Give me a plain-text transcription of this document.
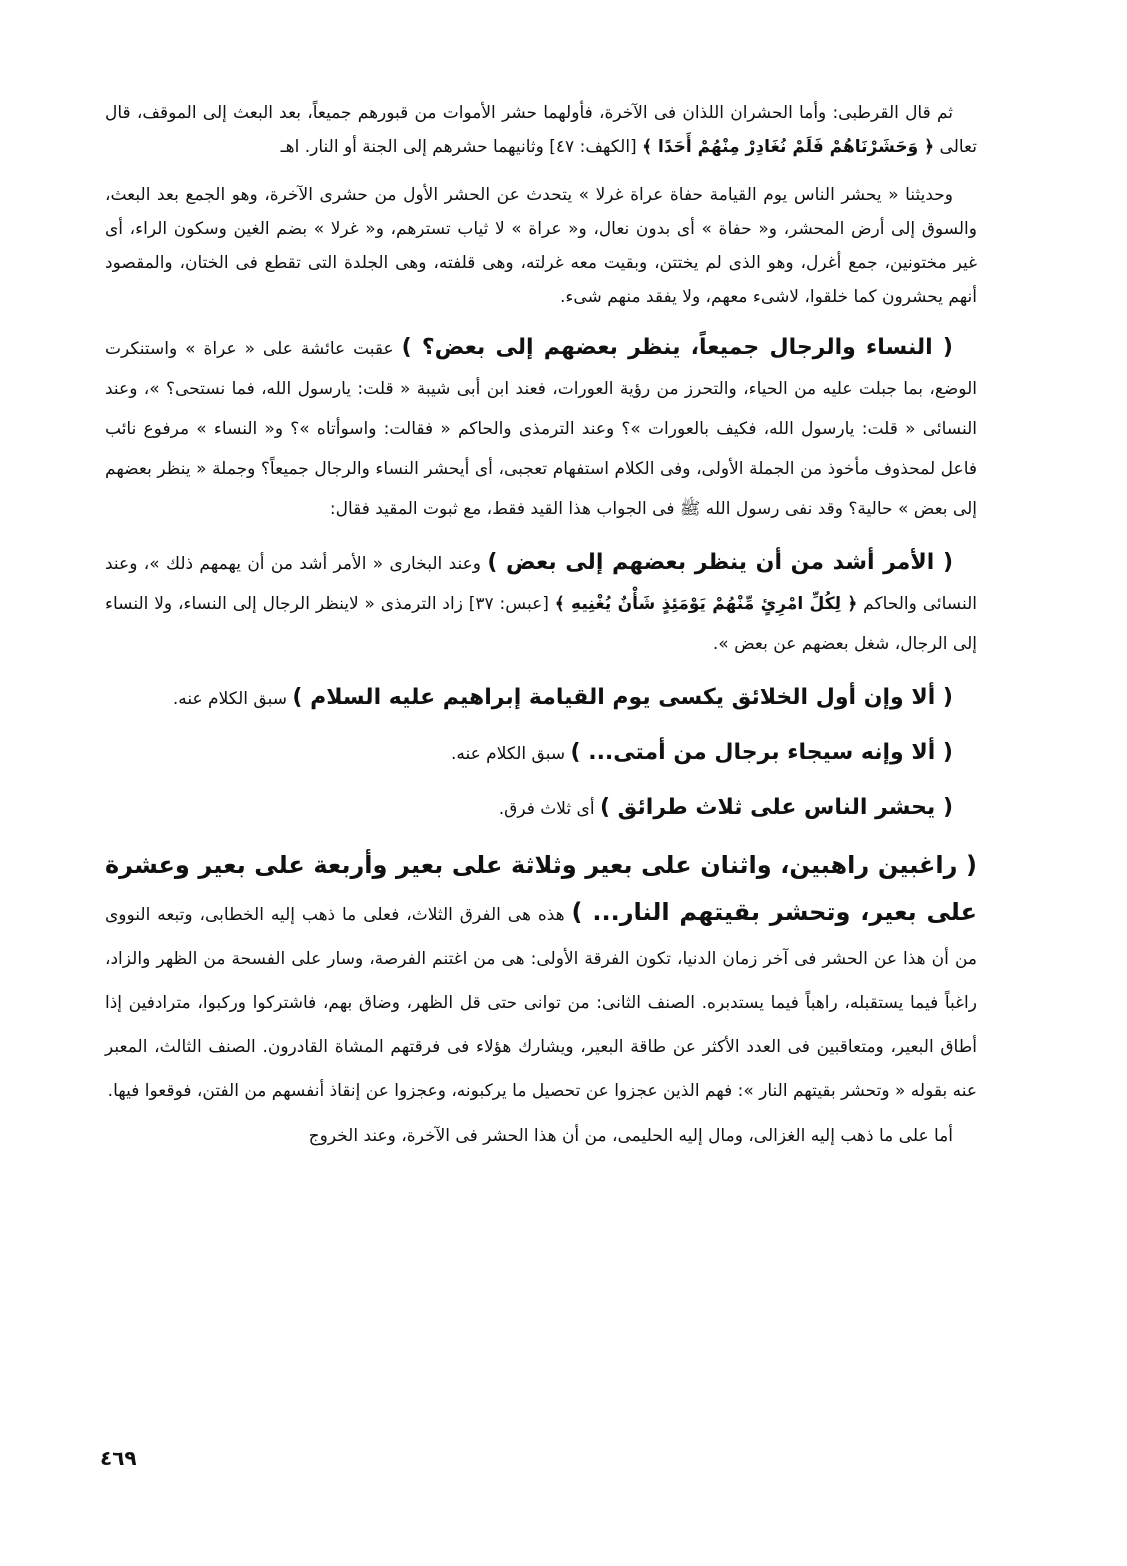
ثم قال القرطبى: وأما الحشران اللذان فى الآخرة، فأولهما حشر الأموات من قبورهم جميعاً، بعد البعث إلى الموقف، قال تعالى ﴿ وَحَشَرْنَاهُمْ فَلَمْ نُغَادِرْ مِنْهُمْ أَحَدًا ﴾ [الكهف: ٤٧] وثانيهما حشرهم إلى الجنة أو النار. اهـ

وحديثنا « يحشر الناس يوم القيامة حفاة عراة غرلا » يتحدث عن الحشر الأول من حشرى الآخرة، وهو الجمع بعد البعث، والسوق إلى أرض المحشر، و« حفاة » أى بدون نعال، و« عراة » لا ثياب تسترهم، و« غرلا » بضم الغين وسكون الراء، أى غير مختونين، جمع أغرل، وهو الذى لم يختتن، وبقيت معه غرلته، وهى قلفته، وهى الجلدة التى تقطع فى الختان، والمقصود أنهم يحشرون كما خلقوا، لاشىء معهم، ولا يفقد منهم شىء.

( النساء والرجال جميعاً، ينظر بعضهم إلى بعض؟ ) عقبت عائشة على « عراة » واستنكرت الوضع، بما جبلت عليه من الحياء، والتحرز من رؤية العورات، فعند ابن أبى شيبة « قلت: يارسول الله، فما نستحى؟ »، وعند النسائى « قلت: يارسول الله، فكيف بالعورات »؟ وعند الترمذى والحاكم « فقالت: واسوأتاه »؟ و« النساء » مرفوع نائب فاعل لمحذوف مأخوذ من الجملة الأولى، وفى الكلام استفهام تعجبى، أى أيحشر النساء والرجال جميعاً؟ وجملة « ينظر بعضهم إلى بعض » حالية؟ وقد نفى رسول الله ﷺ فى الجواب هذا القيد فقط، مع ثبوت المقيد فقال:

( الأمر أشد من أن ينظر بعضهم إلى بعض ) وعند البخارى « الأمر أشد من أن يهمهم ذلك »، وعند النسائى والحاكم ﴿ لِكُلِّ امْرِئٍ مِّنْهُمْ يَوْمَئِذٍ شَأْنٌ يُغْنِيهِ ﴾ [عبس: ٣٧] زاد الترمذى « لاينظر الرجال إلى النساء، ولا النساء إلى الرجال، شغل بعضهم عن بعض ».

( ألا وإن أول الخلائق يكسى يوم القيامة إبراهيم عليه السلام ) سبق الكلام عنه.

( ألا وإنه سيجاء برجال من أمتى... ) سبق الكلام عنه.

( يحشر الناس على ثلاث طرائق ) أى ثلاث فرق.

( راغبين راهبين، واثنان على بعير وثلاثة على بعير وأربعة على بعير وعشرة على بعير، وتحشر بقيتهم النار... ) هذه هى الفرق الثلاث، فعلى ما ذهب إليه الخطابى، وتبعه النووى من أن هذا عن الحشر فى آخر زمان الدنيا، تكون الفرقة الأولى: هى من اغتنم الفرصة، وسار على الفسحة من الظهر والزاد، راغباً فيما يستقبله، راهباً فيما يستدبره. الصنف الثانى: من توانى حتى قل الظهر، وضاق بهم، فاشتركوا وركبوا، مترادفين إذا أطاق البعير، ومتعاقبين فى العدد الأكثر عن طاقة البعير، ويشارك هؤلاء فى فرقتهم المشاة القادرون. الصنف الثالث، المعبر عنه بقوله « وتحشر بقيتهم النار »: فهم الذين عجزوا عن تحصيل ما يركبونه، وعجزوا عن إنقاذ أنفسهم من الفتن، فوقعوا فيها.

أما على ما ذهب إليه الغزالى، ومال إليه الحليمى، من أن هذا الحشر فى الآخرة، وعند الخروج

٤٦٩
